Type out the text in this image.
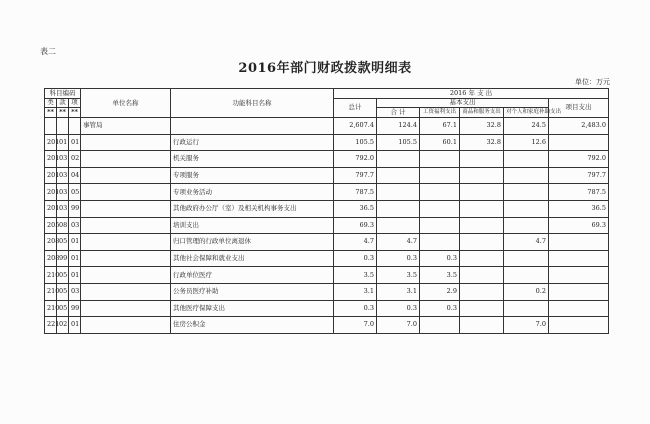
表二
2016年部门财政拨款明细表
单位：万元
科目编码			单位名称	功能科目名称	2016 年 支 出					
类	款	项			总计	基本支出				项目支出
						合 计	工资福利支出	商品和服务支出	对个人和家庭补助支出	
**	**	**								
			事管局		2,607.4	124.4	67.1	32.8	24.5	2,483.0
201	01	01		行政运行	105.5	105.5	60.1	32.8	12.6	
201	03	02		机关服务	792.0					792.0
201	03	04		专项服务	797.7					797.7
201	03	05		专项业务活动	787.5					787.5
201	03	99		其他政府办公厅（室）及相关机构事务支出	36.5					36.5
205	08	03		培训支出	69.3					69.3
208	05	01		归口管理的行政单位离退休	4.7	4.7			4.7	
208	99	01		其他社会保障和就业支出	0.3	0.3	0.3			
210	05	01		行政单位医疗	3.5	3.5	3.5			
210	05	03		公务员医疗补助	3.1	3.1	2.9		0.2	
210	05	99		其他医疗保障支出	0.3	0.3	0.3			
221	02	01		住房公积金	7.0	7.0			7.0	
